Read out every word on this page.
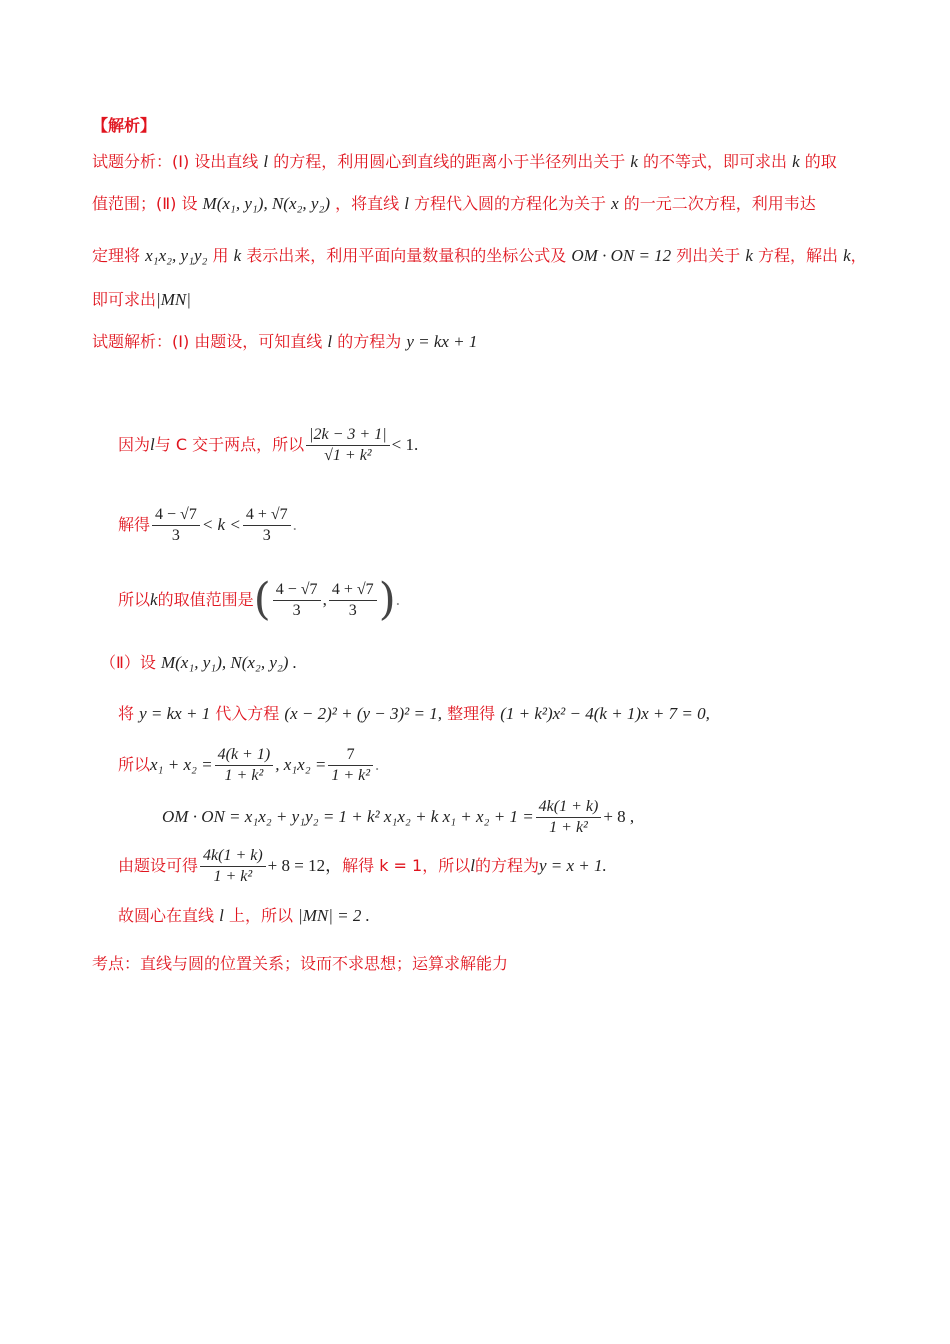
【解析】
试题分析：(Ⅰ) 设出直线 l 的方程，利用圆心到直线的距离小于半径列出关于 k 的不等式，即可求出 k 的取
值范围；(Ⅱ) 设 M(x₁, y₁), N(x₂, y₂) ，将直线 l 方程代入圆的方程化为关于 x 的一元二次方程，利用韦达
定理将 x₁x₂, y₁y₂ 用 k 表示出来，利用平面向量数量积的坐标公式及 OM · ON = 12 列出关于 k 方程，解出 k，
即可求出|MN|
试题解析：(Ⅰ) 由题设，可知直线 l 的方程为 y = kx + 1
因为 l 与 C 交于两点，所以 $\frac{|2k - 3 + 1|}{\text{√1 + k²}} < 1$.
解得 $\frac{4 - √7}{3} < k < \frac{4 + √7}{3}$ .
所以 k 的取值范围是 ( $\frac{4 - √7}{3}$ , $\frac{4 + √7}{3}$ ) .
（Ⅱ）设 M(x₁, y₁), N(x₂, y₂) .
将 y = kx + 1 代入方程 (x − 2)² + (y − 3)² = 1, 整理得 (1 + k²)x² − 4(k + 1)x + 7 = 0,
所以 $x_1 + x_2 = \frac{4(k + 1)}{\text{1 + k²}}$ , $x_1x_2 = \frac{7}{\text{1 + k²}}$ .
OM · ON = x₁x₂ + y₁y₂ = 1 + k² x₁x₂ + k $x_1 + x_2 + 1 = \frac{4k(1 + k)}{\text{1 + k²}} + 8$ ,
由题设可得 $\frac{4k(1 + k)}{\text{1 + k²}} + 8 = 12$， 解得 k = 1，所以 l 的方程为 y = x + 1.
故圆心在直线 l 上，所以 |MN| = 2 .
考点：直线与圆的位置关系；设而不求思想；运算求解能力
